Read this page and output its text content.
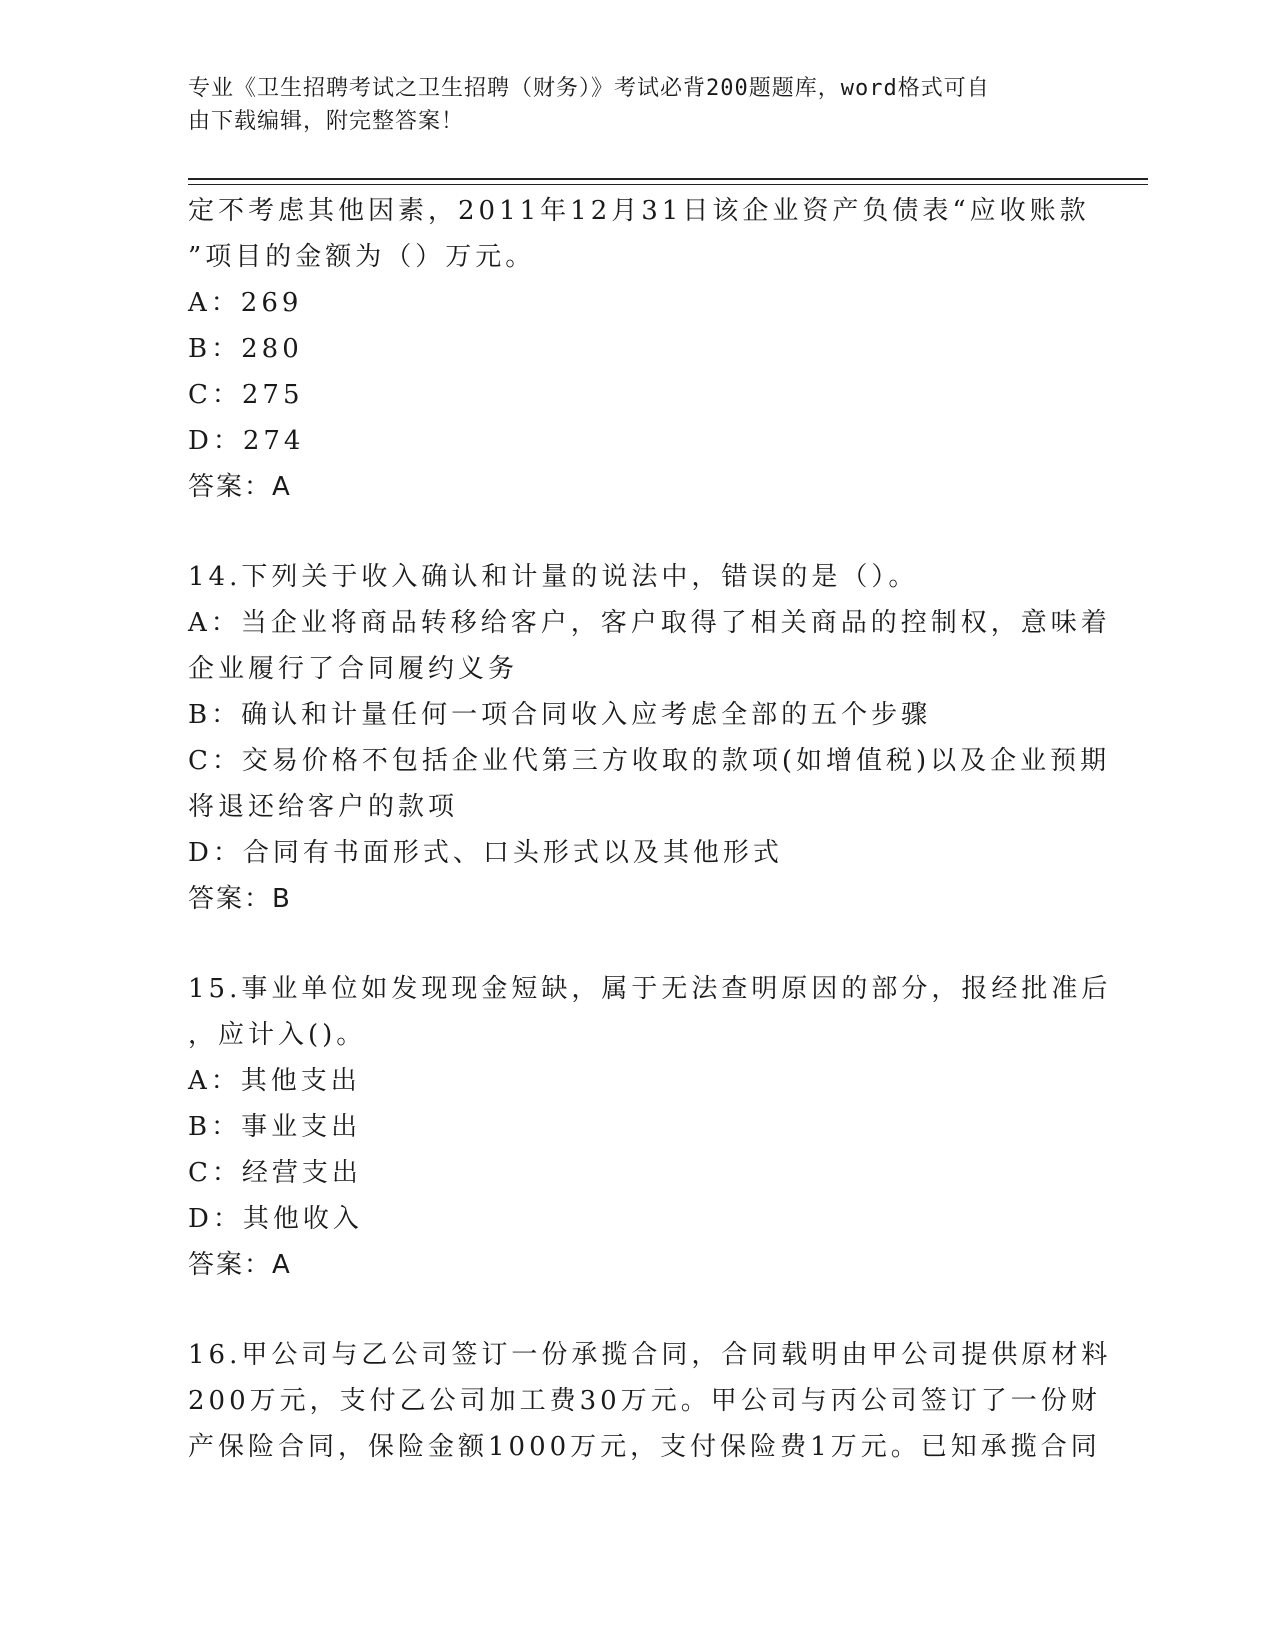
专业《卫生招聘考试之卫生招聘（财务）》考试必背200题题库，word格式可自
由下载编辑，附完整答案！
定不考虑其他因素，2011年12月31日该企业资产负债表“应收账款
”项目的金额为（）万元。
A：269
B：280
C：275
D：274
答案：A
14.下列关于收入确认和计量的说法中，错误的是（）。
A：当企业将商品转移给客户，客户取得了相关商品的控制权，意味着
企业履行了合同履约义务
B：确认和计量任何一项合同收入应考虑全部的五个步骤
C：交易价格不包括企业代第三方收取的款项(如增值税)以及企业预期
将退还给客户的款项
D：合同有书面形式、口头形式以及其他形式
答案：B
15.事业单位如发现现金短缺，属于无法查明原因的部分，报经批准后
，应计入()。
A：其他支出
B：事业支出
C：经营支出
D：其他收入
答案：A
16.甲公司与乙公司签订一份承揽合同，合同载明由甲公司提供原材料
200万元，支付乙公司加工费30万元。甲公司与丙公司签订了一份财
产保险合同，保险金额1000万元，支付保险费1万元。已知承揽合同
